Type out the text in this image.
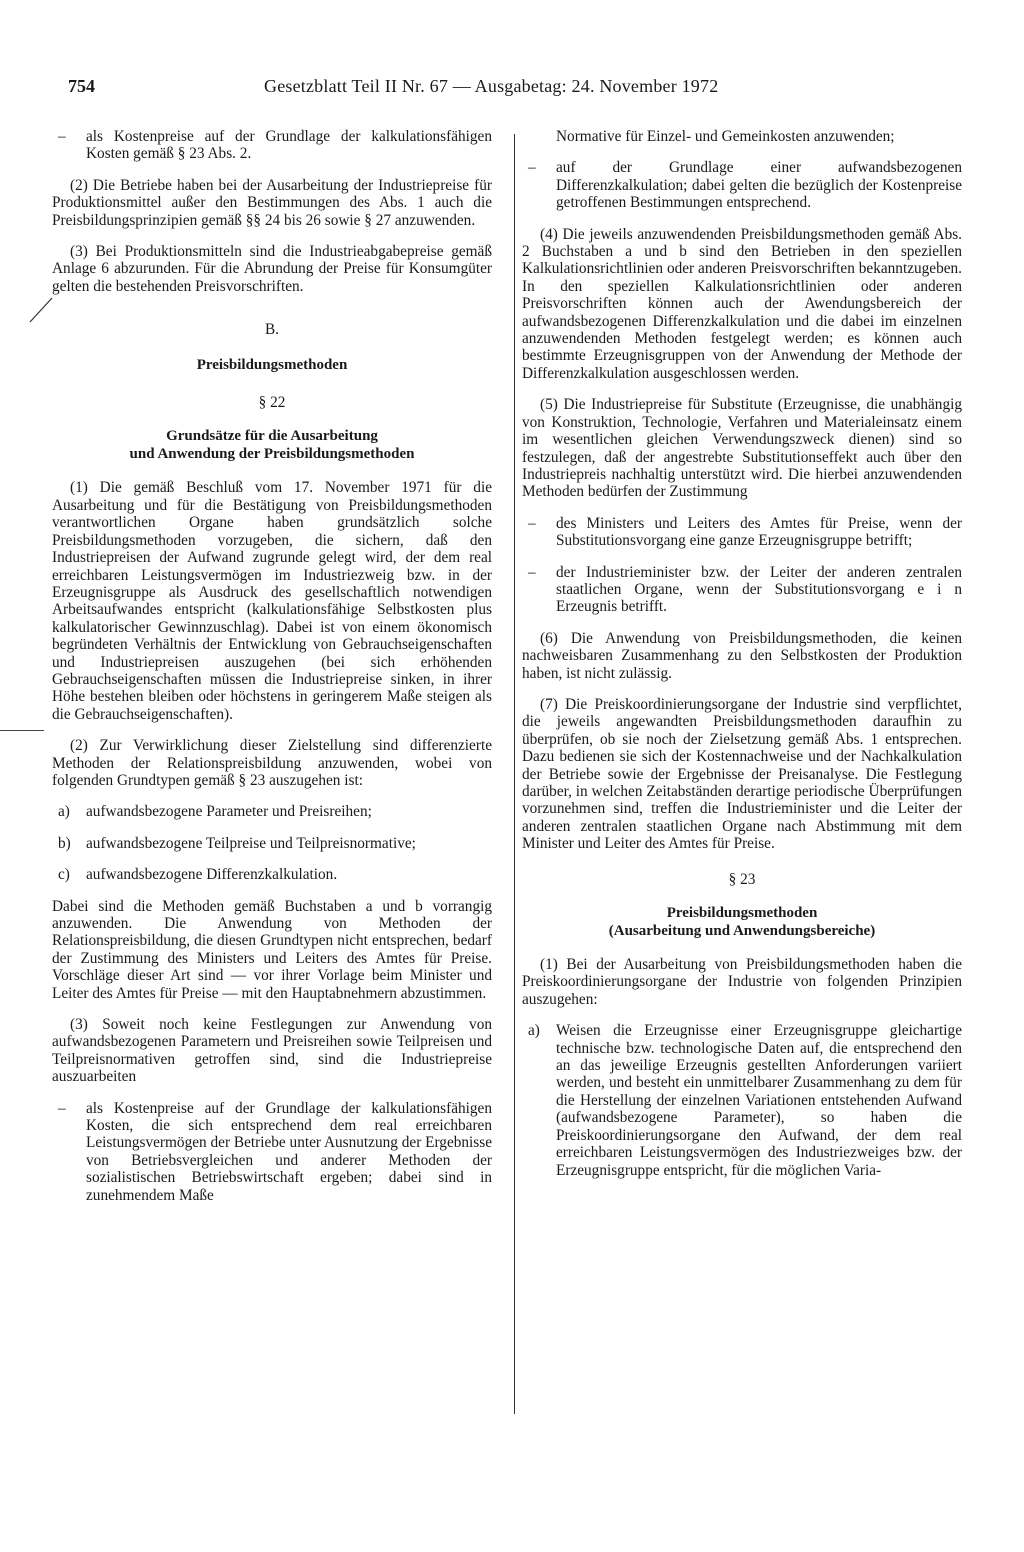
754	Gesetzblatt Teil II Nr. 67 — Ausgabetag: 24. November 1972

– als Kostenpreise auf der Grundlage der kalkulationsfähigen Kosten gemäß § 23 Abs. 2.

(2) Die Betriebe haben bei der Ausarbeitung der Industriepreise für Produktionsmittel außer den Bestimmungen des Abs. 1 auch die Preisbildungsprinzipien gemäß §§ 24 bis 26 sowie § 27 anzuwenden.

(3) Bei Produktionsmitteln sind die Industrieabgabepreise gemäß Anlage 6 abzurunden. Für die Abrundung der Preise für Konsumgüter gelten die bestehenden Preisvorschriften.

B.

Preisbildungsmethoden

§ 22

Grundsätze für die Ausarbeitung
und Anwendung der Preisbildungsmethoden

(1) Die gemäß Beschluß vom 17. November 1971 für die Ausarbeitung und für die Bestätigung von Preisbildungsmethoden verantwortlichen Organe haben grundsätzlich solche Preisbildungsmethoden vorzugeben, die sichern, daß den Industriepreisen der Aufwand zugrunde gelegt wird, der dem real erreichbaren Leistungsvermögen im Industriezweig bzw. in der Erzeugnisgruppe als Ausdruck des gesellschaftlich notwendigen Arbeitsaufwandes entspricht (kalkulationsfähige Selbstkosten plus kalkulatorischer Gewinnzuschlag). Dabei ist von einem ökonomisch begründeten Verhältnis der Entwicklung von Gebrauchseigenschaften und Industriepreisen auszugehen (bei sich erhöhenden Gebrauchseigenschaften müssen die Industriepreise sinken, in ihrer Höhe bestehen bleiben oder höchstens in geringerem Maße steigen als die Gebrauchseigenschaften).

(2) Zur Verwirklichung dieser Zielstellung sind differenzierte Methoden der Relationspreisbildung anzuwenden, wobei von folgenden Grundtypen gemäß § 23 auszugehen ist:

a) aufwandsbezogene Parameter und Preisreihen;

b) aufwandsbezogene Teilpreise und Teilpreisnormative;

c) aufwandsbezogene Differenzkalkulation.

Dabei sind die Methoden gemäß Buchstaben a und b vorrangig anzuwenden. Die Anwendung von Methoden der Relationspreisbildung, die diesen Grundtypen nicht entsprechen, bedarf der Zustimmung des Ministers und Leiters des Amtes für Preise. Vorschläge dieser Art sind — vor ihrer Vorlage beim Minister und Leiter des Amtes für Preise — mit den Hauptabnehmern abzustimmen.

(3) Soweit noch keine Festlegungen zur Anwendung von aufwandsbezogenen Parametern und Preisreihen sowie Teilpreisen und Teilpreisnormativen getroffen sind, sind die Industriepreise auszuarbeiten

– als Kostenpreise auf der Grundlage der kalkulationsfähigen Kosten, die sich entsprechend dem real erreichbaren Leistungsvermögen der Betriebe unter Ausnutzung der Ergebnisse von Betriebsvergleichen und anderer Methoden der sozialistischen Betriebswirtschaft ergeben; dabei sind in zunehmendem Maße

Normative für Einzel- und Gemeinkosten anzuwenden;

– auf der Grundlage einer aufwandsbezogenen Differenzkalkulation; dabei gelten die bezüglich der Kostenpreise getroffenen Bestimmungen entsprechend.

(4) Die jeweils anzuwendenden Preisbildungsmethoden gemäß Abs. 2 Buchstaben a und b sind den Betrieben in den speziellen Kalkulationsrichtlinien oder anderen Preisvorschriften bekanntzugeben. In den speziellen Kalkulationsrichtlinien oder anderen Preisvorschriften können auch der Awendungsbereich der aufwandsbezogenen Differenzkalkulation und die dabei im einzelnen anzuwendenden Methoden festgelegt werden; es können auch bestimmte Erzeugnisgruppen von der Anwendung der Methode der Differenzkalkulation ausgeschlossen werden.

(5) Die Industriepreise für Substitute (Erzeugnisse, die unabhängig von Konstruktion, Technologie, Verfahren und Materialeinsatz einem im wesentlichen gleichen Verwendungszweck dienen) sind so festzulegen, daß der angestrebte Substitutionseffekt auch über den Industriepreis nachhaltig unterstützt wird. Die hierbei anzuwendenden Methoden bedürfen der Zustimmung

– des Ministers und Leiters des Amtes für Preise, wenn der Substitutionsvorgang eine ganze Erzeugnisgruppe betrifft;

– der Industrieminister bzw. der Leiter der anderen zentralen staatlichen Organe, wenn der Substitutionsvorgang e i n Erzeugnis betrifft.

(6) Die Anwendung von Preisbildungsmethoden, die keinen nachweisbaren Zusammenhang zu den Selbstkosten der Produktion haben, ist nicht zulässig.

(7) Die Preiskoordinierungsorgane der Industrie sind verpflichtet, die jeweils angewandten Preisbildungsmethoden daraufhin zu überprüfen, ob sie noch der Zielsetzung gemäß Abs. 1 entsprechen. Dazu bedienen sie sich der Kostennachweise und der Nachkalkulation der Betriebe sowie der Ergebnisse der Preisanalyse. Die Festlegung darüber, in welchen Zeitabständen derartige periodische Überprüfungen vorzunehmen sind, treffen die Industrieminister und die Leiter der anderen zentralen staatlichen Organe nach Abstimmung mit dem Minister und Leiter des Amtes für Preise.

§ 23

Preisbildungsmethoden
(Ausarbeitung und Anwendungsbereiche)

(1) Bei der Ausarbeitung von Preisbildungsmethoden haben die Preiskoordinierungsorgane der Industrie von folgenden Prinzipien auszugehen:

a) Weisen die Erzeugnisse einer Erzeugnisgruppe gleichartige technische bzw. technologische Daten auf, die entsprechend den an das jeweilige Erzeugnis gestellten Anforderungen variiert werden, und besteht ein unmittelbarer Zusammenhang zu dem für die Herstellung der einzelnen Variationen entstehenden Aufwand (aufwandsbezogene Parameter), so haben die Preiskoordinierungsorgane den Aufwand, der dem real erreichbaren Leistungsvermögen des Industriezweiges bzw. der Erzeugnisgruppe entspricht, für die möglichen Varia-
